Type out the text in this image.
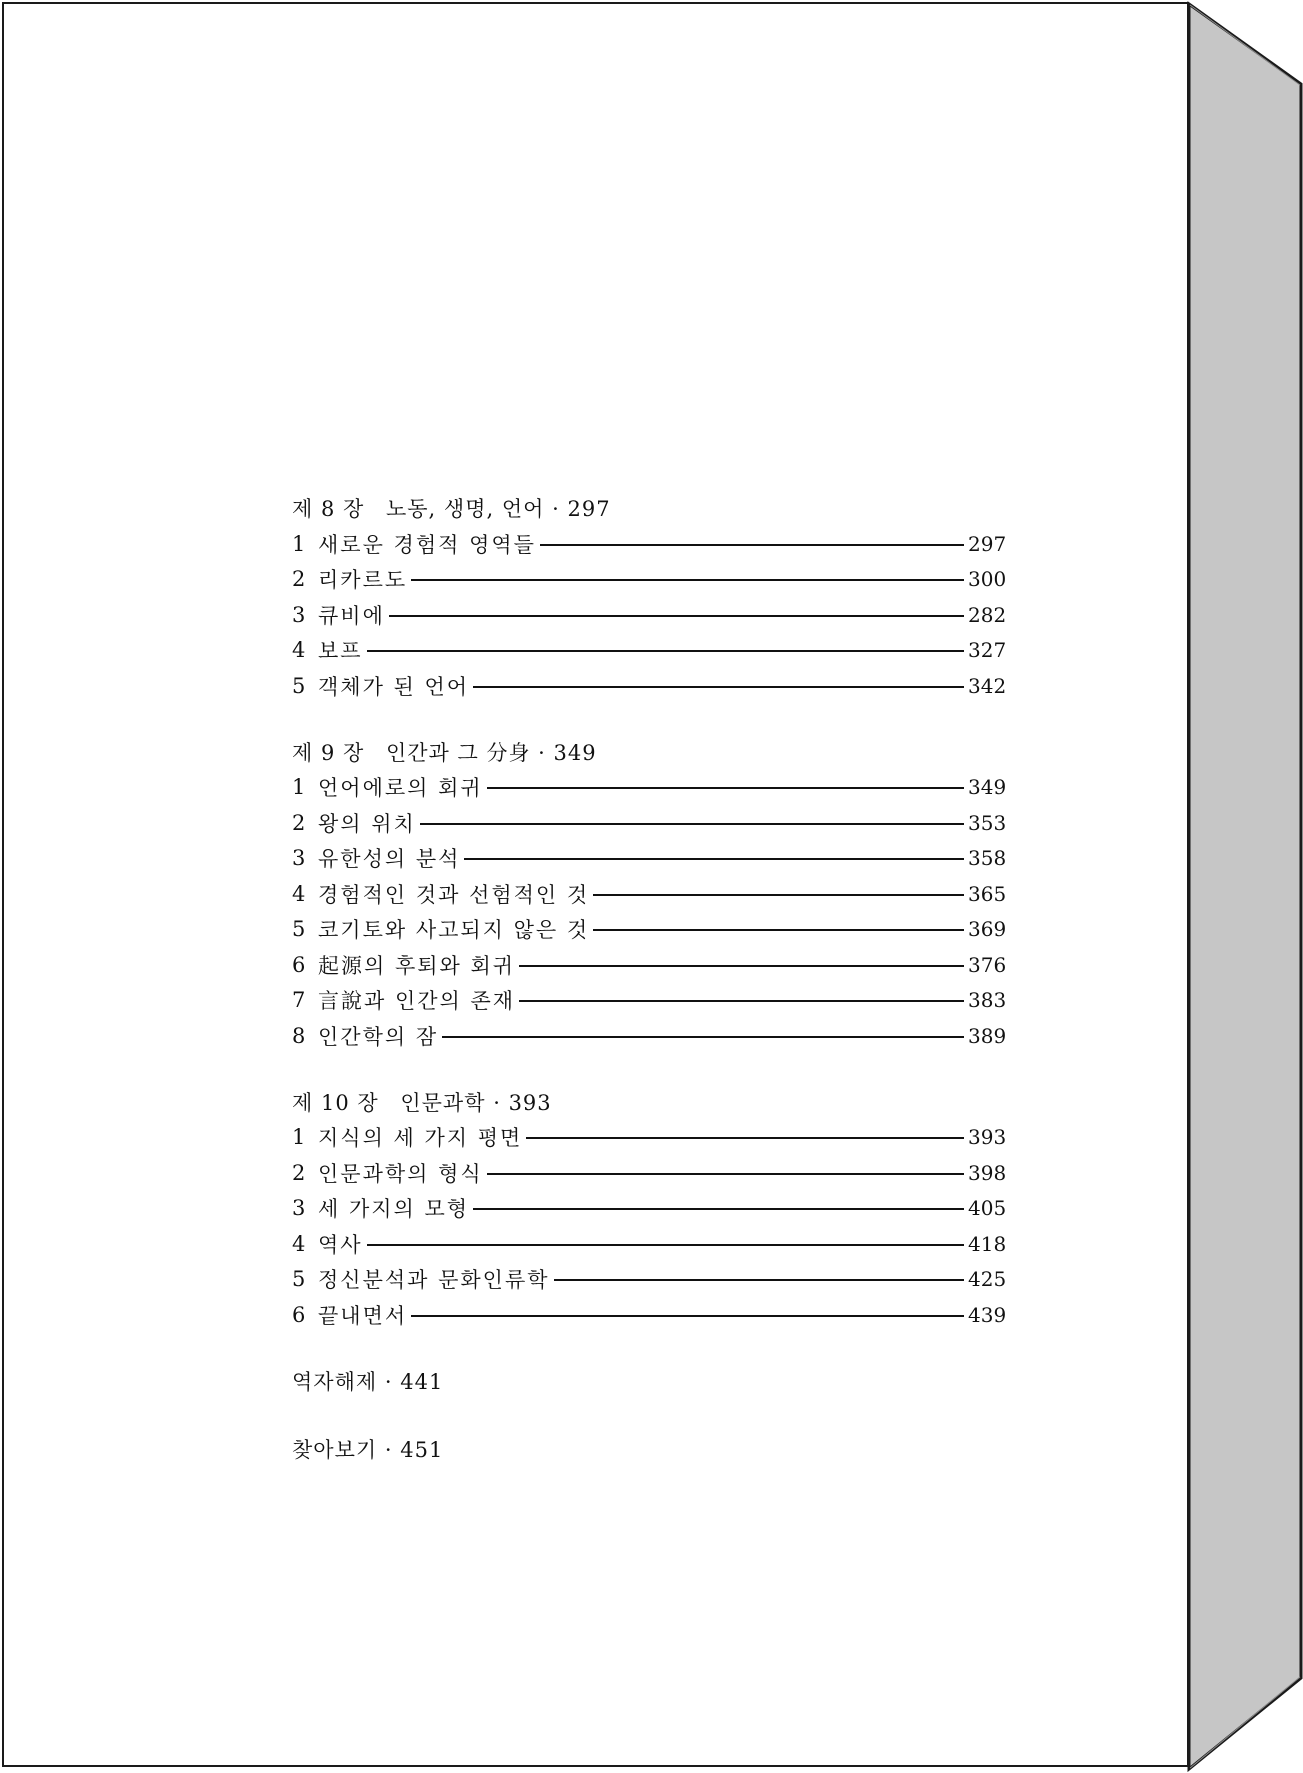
제 8 장 노동, 생명, 언어 · 297
1 새로운 경험적 영역들	297
2 리카르도	300
3 큐비에	282
4 보프	327
5 객체가 된 언어	342
제 9 장 인간과 그 分身 · 349
1 언어에로의 회귀	349
2 왕의 위치	353
3 유한성의 분석	358
4 경험적인 것과 선험적인 것	365
5 코기토와 사고되지 않은 것	369
6 起源의 후퇴와 회귀	376
7 言說과 인간의 존재	383
8 인간학의 잠	389
제 10 장 인문과학 · 393
1 지식의 세 가지 평면	393
2 인문과학의 형식	398
3 세 가지의 모형	405
4 역사	418
5 정신분석과 문화인류학	425
6 끝내면서	439
역자해제 · 441
찾아보기 · 451
